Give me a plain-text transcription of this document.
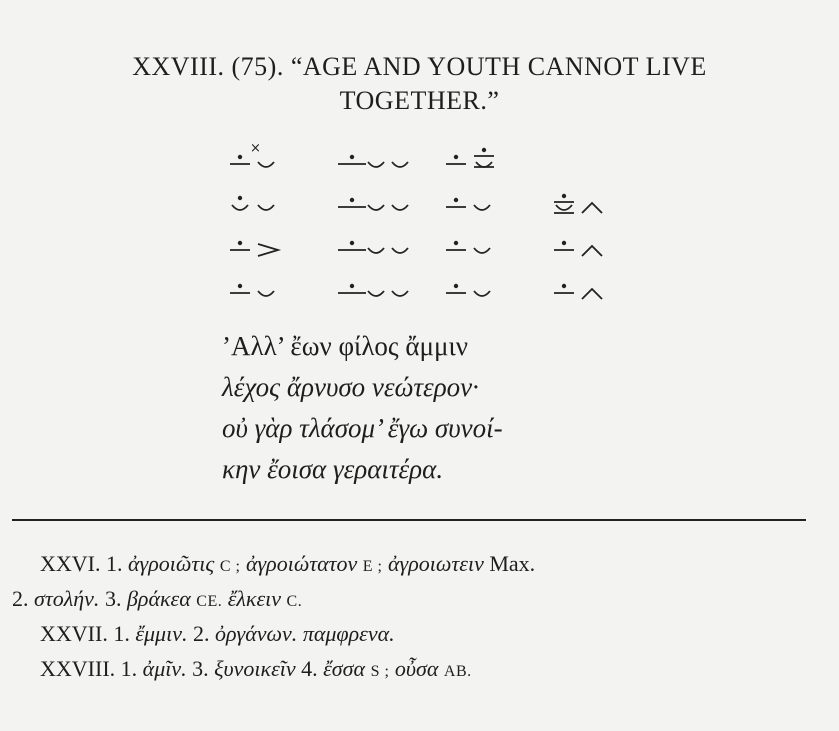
XXVIII. (75). “AGE AND YOUTH CANNOT LIVE
TOGETHER.”
×
’Αλλ’ ἔων φίλος ἄμμιν
λέχος ἄρνυσο νεώτερον·
οὐ γὰρ τλάσομ’ ἔγω συνοί-
κην ἔοισα γεραιτέρα.
XXVI. 1. ἀγροιῶτις C ; ἀγροιώτατον E ; ἀγροιωτειν Max.
2. στολήν. 3. βράκεα CE. ἔλκειν C.
XXVII. 1. ἔμμιν. 2. ὀργάνων. παμφρενα.
XXVIII. 1. ἀμῖν. 3. ξυνοικεῖν 4. ἔσσα S ; οὖσα AB.
